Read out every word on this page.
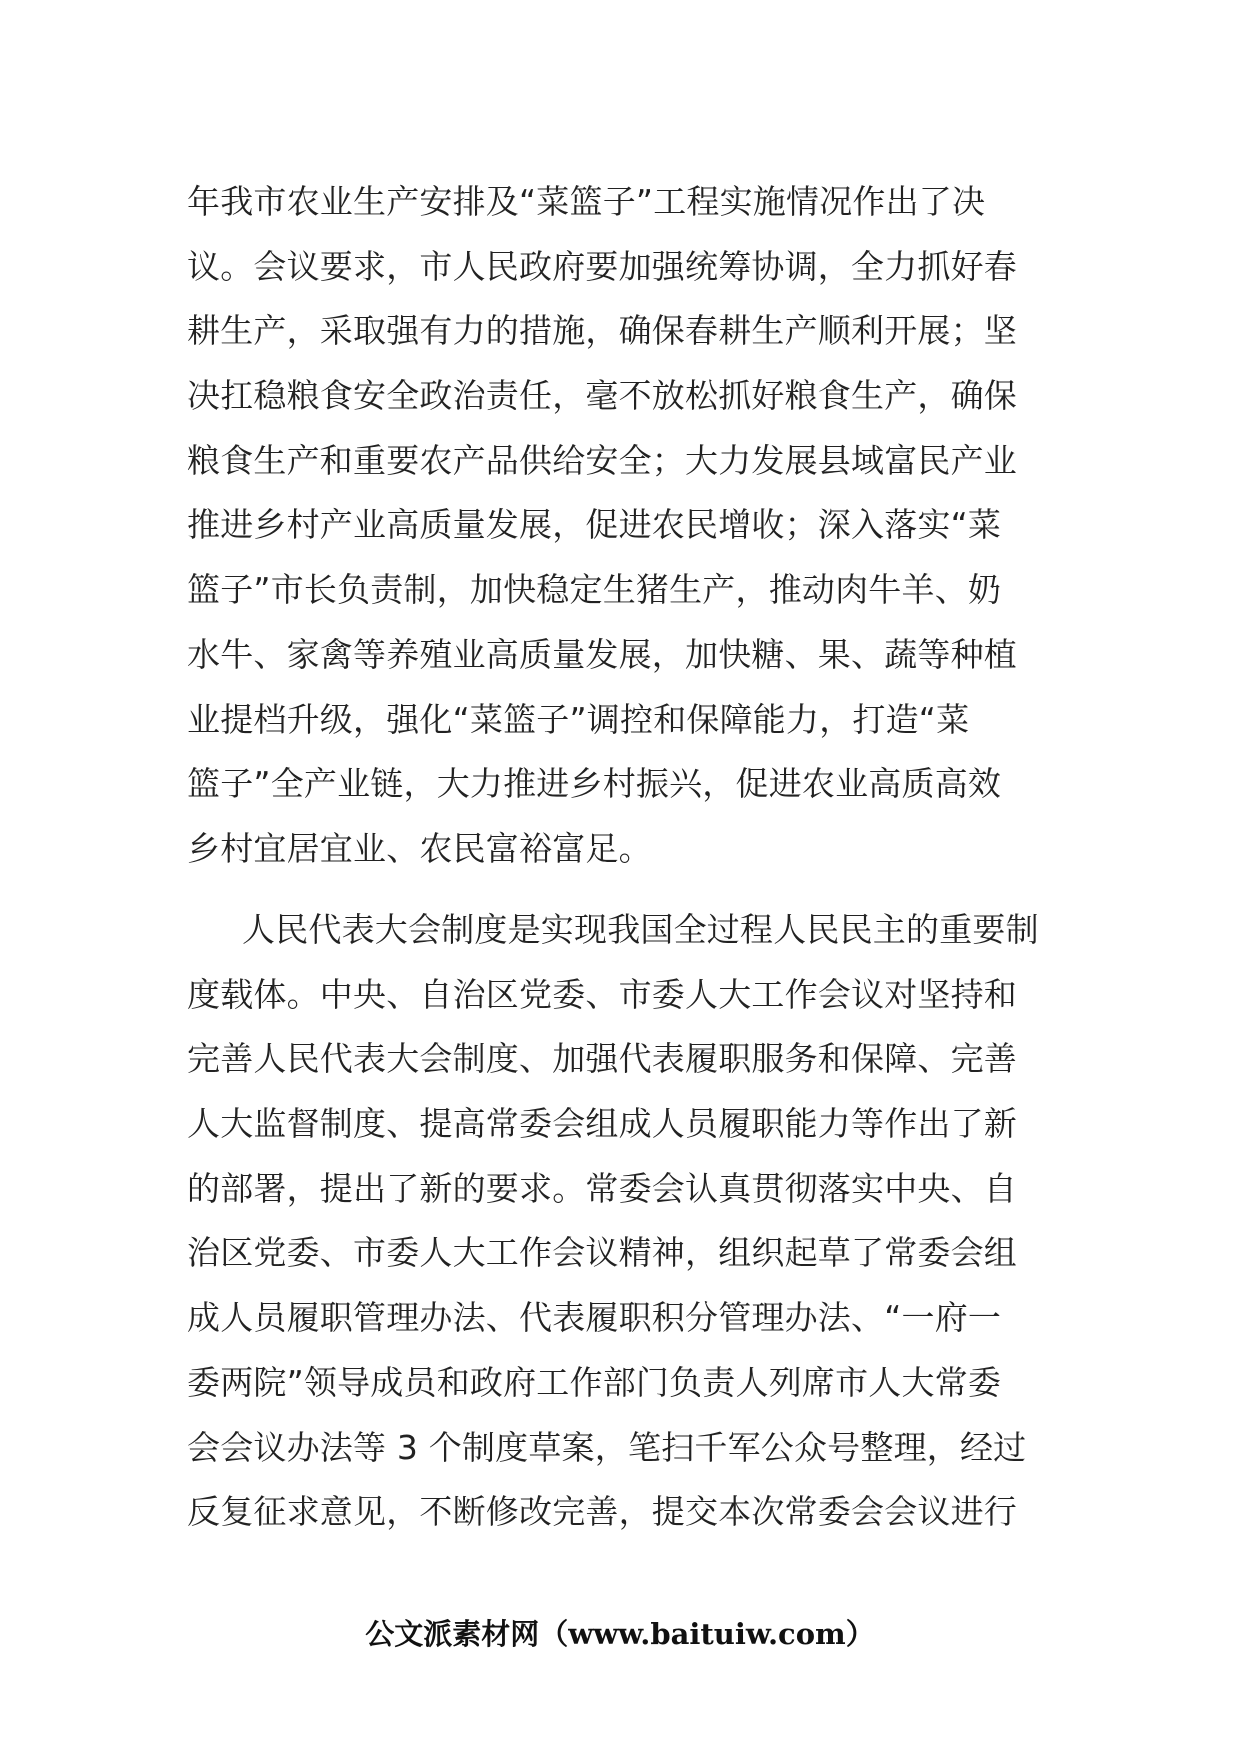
年我市农业生产安排及“菜篮子”工程实施情况作出了决
议。会议要求，市人民政府要加强统筹协调，全力抓好春
耕生产，采取强有力的措施，确保春耕生产顺利开展；坚
决扛稳粮食安全政治责任，毫不放松抓好粮食生产，确保
粮食生产和重要农产品供给安全；大力发展县域富民产业
推进乡村产业高质量发展，促进农民增收；深入落实“菜
篮子”市长负责制，加快稳定生猪生产，推动肉牛羊、奶
水牛、家禽等养殖业高质量发展，加快糖、果、蔬等种植
业提档升级，强化“菜篮子”调控和保障能力，打造“菜
篮子”全产业链，大力推进乡村振兴，促进农业高质高效
乡村宜居宜业、农民富裕富足。
人民代表大会制度是实现我国全过程人民民主的重要制
度载体。中央、自治区党委、市委人大工作会议对坚持和
完善人民代表大会制度、加强代表履职服务和保障、完善
人大监督制度、提高常委会组成人员履职能力等作出了新
的部署，提出了新的要求。常委会认真贯彻落实中央、自
治区党委、市委人大工作会议精神，组织起草了常委会组
成人员履职管理办法、代表履职积分管理办法、“一府一
委两院”领导成员和政府工作部门负责人列席市人大常委
会会议办法等 3 个制度草案，笔扫千军公众号整理，经过
反复征求意见，不断修改完善，提交本次常委会会议进行
公文派素材网（www.baituiw.com）
